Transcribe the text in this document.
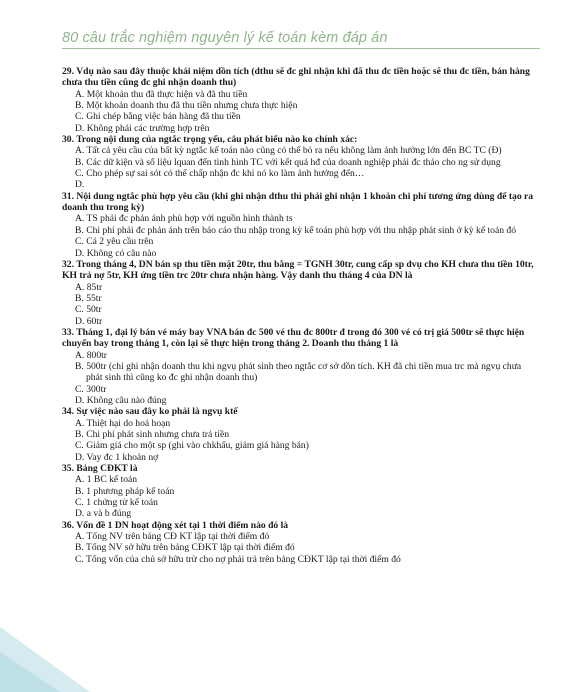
80 câu trắc nghiệm nguyên lý kế toán kèm đáp án
29. Vdụ nào sau đây thuộc khái niệm dồn tích (dthu sẽ đc ghi nhận khi đã thu đc tiền hoặc sẽ thu đc tiền, bán hàng chưa thu tiền cũng đc ghi nhận doanh thu)
A. Một khoản thu đã thực hiện và đã thu tiền
B. Một khoản doanh thu đã thu tiền nhưng chưa thực hiện
C. Ghi chép bằng việc bán hàng đã thu tiền
D. Không phải các trường hợp trên
30. Trong nội dung của ngtắc trọng yếu, câu phát biểu nào ko chính xác:
A. Tất cả yêu cầu của bất kỳ ngtắc kế toán nào cũng có thể bỏ ra nếu không làm ảnh hưởng lớn đến BC TC (Đ)
B. Các dữ kiện và số liệu lquan đến tình hình TC với kết quả hđ của doanh nghiệp phải đc thảo cho ng sử dụng
C. Cho phép sự sai sót có thể chấp nhận đc khi nó ko làm ảnh hưởng đến…
D.
31. Nội dung ngtắc phù hợp yêu cầu (khi ghi nhận dthu thì phải ghi nhận 1 khoản chi phí tương ứng dùng để tạo ra doanh thu trong kỳ)
A. TS phải đc phản ánh phù hợp với nguồn hình thành ts
B. Chi phí phải đc phản ánh trên báo cáo thu nhập trong kỳ kế toán phù hợp với thu nhập phát sinh ở kỳ kế toán đó
C. Cả 2 yêu cầu trên
D. Không có câu nào
32. Trong tháng 4, DN bán sp thu tiền mặt 20tr, thu bằng = TGNH 30tr, cung cấp sp dvụ cho KH chưa thu tiền 10tr, KH trả nợ 5tr, KH ứng tiền trc 20tr chưa nhận hàng. Vậy danh thu tháng 4 của DN là
A. 85tr
B. 55tr
C. 50tr
D. 60tr
33. Tháng 1, đại lý bán vé máy bay VNA bán đc 500 vé thu đc 800tr đ trong đó 300 vé có trị giá 500tr sẽ thực hiện chuyến bay trong tháng 1, còn lại sẽ thực hiện trong tháng 2. Doanh thu tháng 1 là
A. 800tr
B. 500tr (chỉ ghi nhận doanh thu khi ngvụ phát sinh theo ngtắc cơ sở dồn tích. KH đã chi tiền mua trc mà ngvụ chưa phát sinh thì cũng ko đc ghi nhận doanh thu)
C. 300tr
D. Không câu nào đúng
34. Sự việc nào sau đây ko phải là ngvụ ktế
A. Thiệt hại do hoả hoạn
B. Chi phí phát sinh nhưng chưa trả tiền
C. Giảm giá cho một sp (ghi vào chkhấu, giảm giá hàng bán)
D. Vay đc 1 khoản nợ
35. Bảng CĐKT là
A. 1 BC kế toán
B. 1 phương pháp kế toán
C. 1 chứng từ kế toán
D. a và b đúng
36. Vốn đề 1 DN hoạt động xét tại 1 thời điểm nào đó là
A. Tổng NV trên bảng CĐ KT lập tại thời điểm đó
B. Tổng NV sở hữu trên bảng CĐKT lập tại thời điểm đó
C. Tổng vốn của chủ sở hữu trừ cho nợ phải trả trên bảng CĐKT lập tại thời điểm đó
